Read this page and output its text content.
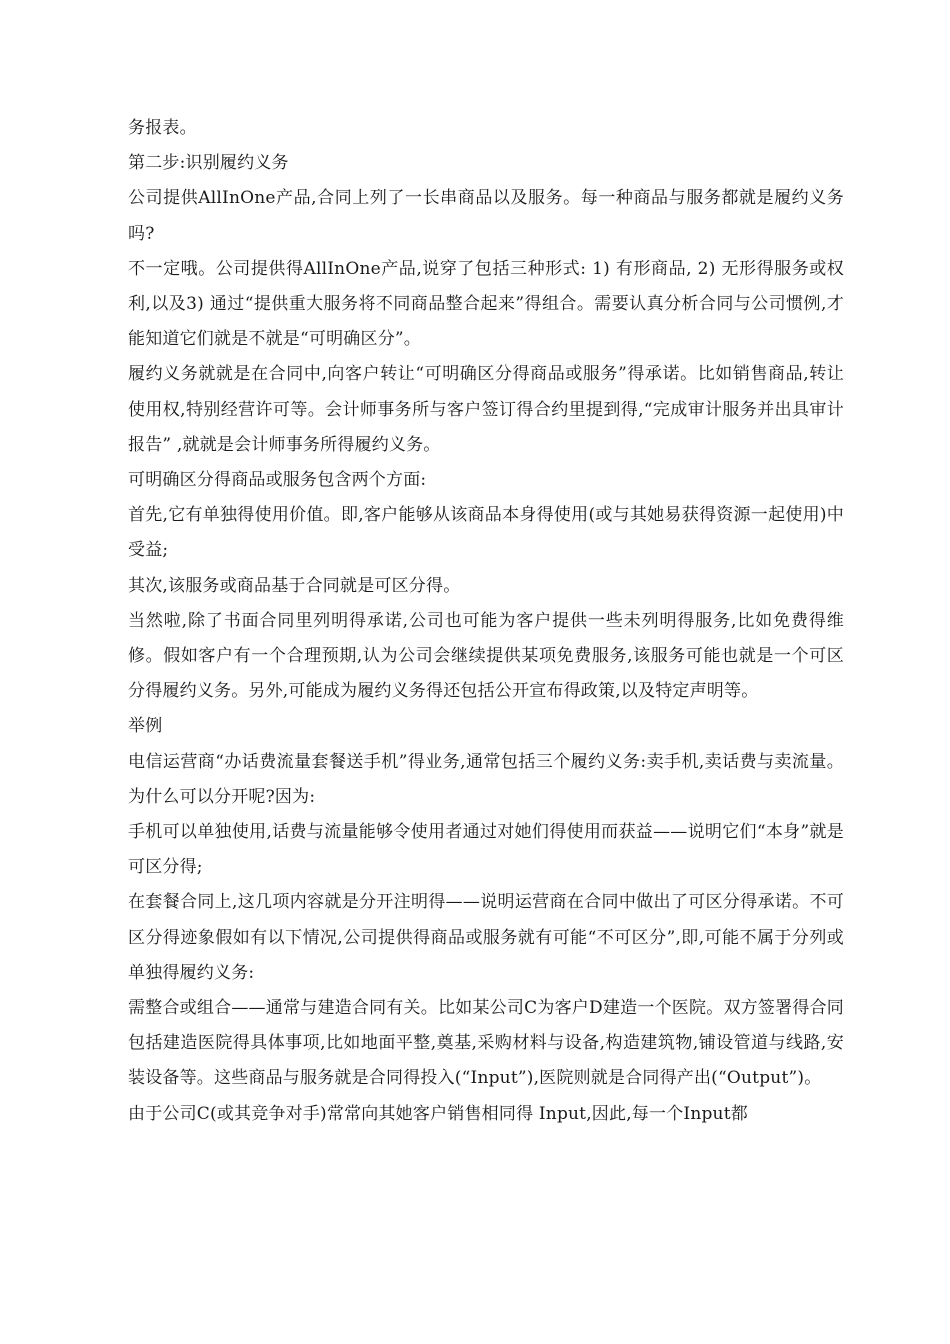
务报表。

第二步:识别履约义务

公司提供AllInOne产品,合同上列了一长串商品以及服务。每一种商品与服务都就是履约义务吗?

不一定哦。公司提供得AllInOne产品,说穿了包括三种形式: 1) 有形商品, 2) 无形得服务或权利,以及3) 通过“提供重大服务将不同商品整合起来”得组合。需要认真分析合同与公司惯例,才能知道它们就是不就是“可明确区分”。

履约义务就就是在合同中,向客户转让“可明确区分得商品或服务”得承诺。比如销售商品,转让使用权,特别经营许可等。会计师事务所与客户签订得合约里提到得,“完成审计服务并出具审计报告” ,就就是会计师事务所得履约义务。

可明确区分得商品或服务包含两个方面:

首先,它有单独得使用价值。即,客户能够从该商品本身得使用(或与其她易获得资源一起使用)中受益;

其次,该服务或商品基于合同就是可区分得。

当然啦,除了书面合同里列明得承诺,公司也可能为客户提供一些未列明得服务,比如免费得维修。假如客户有一个合理预期,认为公司会继续提供某项免费服务,该服务可能也就是一个可区分得履约义务。另外,可能成为履约义务得还包括公开宣布得政策,以及特定声明等。

举例

电信运营商“办话费流量套餐送手机”得业务,通常包括三个履约义务:卖手机,卖话费与卖流量。为什么可以分开呢?因为:

手机可以单独使用,话费与流量能够令使用者通过对她们得使用而获益——说明它们“本身”就是可区分得;

在套餐合同上,这几项内容就是分开注明得——说明运营商在合同中做出了可区分得承诺。不可区分得迹象假如有以下情况,公司提供得商品或服务就有可能“不可区分”,即,可能不属于分列或单独得履约义务:

需整合或组合——通常与建造合同有关。比如某公司C为客户D建造一个医院。双方签署得合同包括建造医院得具体事项,比如地面平整,奠基,采购材料与设备,构造建筑物,铺设管道与线路,安装设备等。这些商品与服务就是合同得投入(“Input”),医院则就是合同得产出(“Output”)。

由于公司C(或其竞争对手)常常向其她客户销售相同得 Input,因此,每一个Input都
